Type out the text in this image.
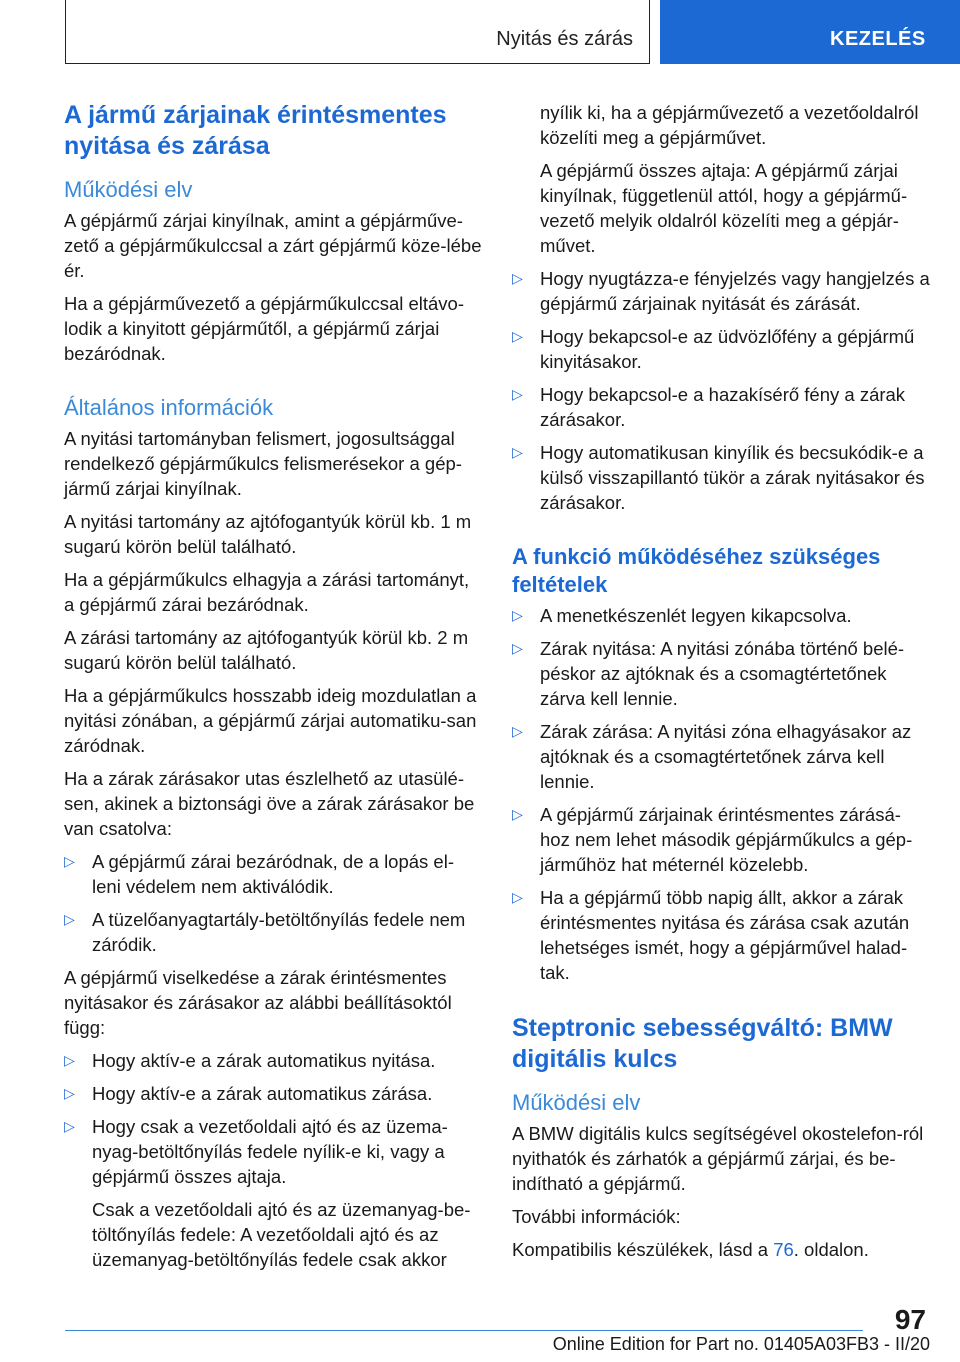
Nyitás és zárás	KEZELÉS
A jármű zárjainak érintésmentes nyitása és zárása
Működési elv
A gépjármű zárjai kinyílnak, amint a gépjárműve‐zető a gépjárműkulccsal a zárt gépjármű köze‐lébe ér.
Ha a gépjárművezető a gépjárműkulccsal eltávo‐lodik a kinyitott gépjárműtől, a gépjármű zárjai bezáródnak.
Általános információk
A nyitási tartományban felismert, jogosultsággal rendelkező gépjárműkulcs felismerésekor a gép‐jármű zárjai kinyílnak.
A nyitási tartomány az ajtófogantyúk körül kb. 1 m sugarú körön belül található.
Ha a gépjárműkulcs elhagyja a zárási tartományt, a gépjármű zárai bezáródnak.
A zárási tartomány az ajtófogantyúk körül kb. 2 m sugarú körön belül található.
Ha a gépjárműkulcs hosszabb ideig mozdulatlan a nyitási zónában, a gépjármű zárjai automatiku‐san záródnak.
Ha a zárak zárásakor utas észlelhető az utasülé‐sen, akinek a biztonsági öve a zárak zárásakor be van csatolva:
▷ A gépjármű zárai bezáródnak, de a lopás el‐leni védelem nem aktiválódik.
▷ A tüzelőanyagtartály-betöltőnyílás fedele nem záródik.
A gépjármű viselkedése a zárak érintésmentes nyitásakor és zárásakor az alábbi beállításoktól függ:
▷ Hogy aktív-e a zárak automatikus nyitása.
▷ Hogy aktív-e a zárak automatikus zárása.
▷ Hogy csak a vezetőoldali ajtó és az üzema‐nyag-betöltőnyílás fedele nyílik-e ki, vagy a gépjármű összes ajtaja.
Csak a vezetőoldali ajtó és az üzemanyag-be‐töltőnyílás fedele: A vezetőoldali ajtó és az üzemanyag-betöltőnyílás fedele csak akkor
nyílik ki, ha a gépjárművezető a vezetőoldalról közelíti meg a gépjárművet.
A gépjármű összes ajtaja: A gépjármű zárjai kinyílnak, függetlenül attól, hogy a gépjármű‐vezető melyik oldalról közelíti meg a gépjár‐művet.
▷ Hogy nyugtázza-e fényjelzés vagy hangjelzés a gépjármű zárjainak nyitását és zárását.
▷ Hogy bekapcsol-e az üdvözlőfény a gépjármű kinyitásakor.
▷ Hogy bekapcsol-e a hazakísérő fény a zárak zárásakor.
▷ Hogy automatikusan kinyílik és becsukódik-e a külső visszapillantó tükör a zárak nyitásakor és zárásakor.
A funkció működéséhez szükséges feltételek
▷ A menetkészenlét legyen kikapcsolva.
▷ Zárak nyitása: A nyitási zónába történő belé‐péskor az ajtóknak és a csomagtértetőnek zárva kell lennie.
▷ Zárak zárása: A nyitási zóna elhagyásakor az ajtóknak és a csomagtértetőnek zárva kell lennie.
▷ A gépjármű zárjainak érintésmentes zárásá‐hoz nem lehet második gépjárműkulcs a gép‐járműhöz hat méternél közelebb.
▷ Ha a gépjármű több napig állt, akkor a zárak érintésmentes nyitása és zárása csak azután lehetséges ismét, hogy a gépjárművel halad‐tak.
Steptronic sebességváltó: BMW digitális kulcs
Működési elv
A BMW digitális kulcs segítségével okostelefon‐ról nyithatók és zárhatók a gépjármű zárjai, és be‐indítható a gépjármű.
További információk:
Kompatibilis készülékek, lásd a 76. oldalon.
97
Online Edition for Part no. 01405A03FB3 - II/20
